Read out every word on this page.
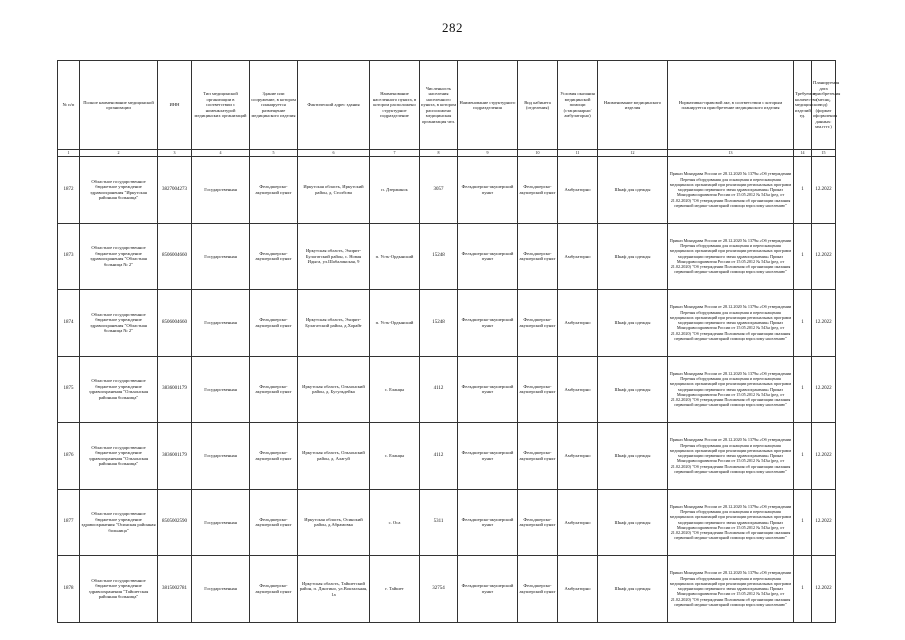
282
№ п/п	Полное наименование медицинской организации	ИНН	Тип медицинской организации в соответствии с номенклатурой медицинских организаций	Здание или сооружение, в котором планируется размещение медицинского изделия	Фактический адрес здания	Наименование населенного пункта, в котором расположено структурное подразделение	Численность населения населенного пункта, в котором расположено медицинская организация чел.	Наименование структурного подразделения	Вид кабинета (отделения)	Условия оказания медицинской помощи (стационарно/амбулаторно)	Наименование медицинского изделия	Нормативно-правовой акт, в соответствии с которым планируется приобретение медицинского изделия	Требуемое количество медицинских изделий, ед.	Планируемая дата приобретения (месяц, год) (формат оформления данных: мм.гггг.)
1	2	3	4	5	6	7	8	9	10	11	12	13	14	15
1872	Областное государственное бюджетное учреждение здравоохранения "Иркутская районная больница"	3827004273	Государственная	Фельдшерско-акушерский пункт	Иркутская область, Иркутский район, д. Столбова	п. Дзержинск	3057	Фельдшерско-акушерский пункт	Фельдшерско-акушерский пункт	Амбулаторно	Шкаф для одежды	Приказ Минздрава России от 28.12.2020 № 1379н «Об утверждении Перечня оборудования для оснащения и переоснащения медицинских организаций при реализации региональных программ модернизации первичного звена здравоохранения» Приказ Минздравсоцразвития России от 15.05.2012 № 543н (ред. от 21.02.2020) "Об утверждении Положения об организации оказания первичной медико-санитарной помощи взрослому населению"	1	12.2022
1873	Областное государственное бюджетное учреждение здравоохранения "Областная больница № 2"	8506004660	Государственная	Фельдшерско-акушерский пункт	Иркутская область, Эхирит-Булагатский район, с. Новая Идыга, ул.Шабалинская, 9	п. Усть-Ордынский	15248	Фельдшерско-акушерский пункт	Фельдшерско-акушерский пункт	Амбулаторно	Шкаф для одежды	Приказ Минздрава России от 28.12.2020 № 1379н «Об утверждении Перечня оборудования для оснащения и переоснащения медицинских организаций при реализации региональных программ модернизации первичного звена здравоохранения» Приказ Минздравсоцразвития России от 15.05.2012 № 543н (ред. от 21.02.2020) "Об утверждении Положения об организации оказания первичной медико-санитарной помощи взрослому населению"	1	12.2022
1874	Областное государственное бюджетное учреждение здравоохранения "Областная больница № 2"	8506004660	Государственная	Фельдшерско-акушерский пункт	Иркутская область, Эхирит-Булагатский район, д.Хорайт	п. Усть-Ордынский	15248	Фельдшерско-акушерский пункт	Фельдшерско-акушерский пункт	Амбулаторно	Шкаф для одежды	Приказ Минздрава России от 28.12.2020 № 1379н «Об утверждении Перечня оборудования для оснащения и переоснащения медицинских организаций при реализации региональных программ модернизации первичного звена здравоохранения» Приказ Минздравсоцразвития России от 15.05.2012 № 543н (ред. от 21.02.2020) "Об утверждении Положения об организации оказания первичной медико-санитарной помощи взрослому населению"	1	12.2022
1875	Областное государственное бюджетное учреждение здравоохранения "Ольхонская районная больница"	3836001179	Государственная	Фельдшерско-акушерский пункт	Иркутская область, Ольхонский район, д. Бугульдейка	с. Еланцы	4112	Фельдшерско-акушерский пункт	Фельдшерско-акушерский пункт	Амбулаторно	Шкаф для одежды	Приказ Минздрава России от 28.12.2020 № 1379н «Об утверждении Перечня оборудования для оснащения и переоснащения медицинских организаций при реализации региональных программ модернизации первичного звена здравоохранения» Приказ Минздравсоцразвития России от 15.05.2012 № 543н (ред. от 21.02.2020) "Об утверждении Положения об организации оказания первичной медико-санитарной помощи взрослому населению"	1	12.2022
1876	Областное государственное бюджетное учреждение здравоохранения "Ольхонская районная больница"	3836001179	Государственная	Фельдшерско-акушерский пункт	Иркутская область, Ольхонский район, д. Алагуй	с. Еланцы	4112	Фельдшерско-акушерский пункт	Фельдшерско-акушерский пункт	Амбулаторно	Шкаф для одежды	Приказ Минздрава России от 28.12.2020 № 1379н «Об утверждении Перечня оборудования для оснащения и переоснащения медицинских организаций при реализации региональных программ модернизации первичного звена здравоохранения» Приказ Минздравсоцразвития России от 15.05.2012 № 543н (ред. от 21.02.2020) "Об утверждении Положения об организации оказания первичной медико-санитарной помощи взрослому населению"	1	12.2022
1877	Областное государственное бюджетное учреждение здравоохранения "Осинская районная больница"	8505002590	Государственная	Фельдшерско-акушерский пункт	Иркутская область, Осинский район, д.Абрамовка	с. Оса	5311	Фельдшерско-акушерский пункт	Фельдшерско-акушерский пункт	Амбулаторно	Шкаф для одежды	Приказ Минздрава России от 28.12.2020 № 1379н «Об утверждении Перечня оборудования для оснащения и переоснащения медицинских организаций при реализации региональных программ модернизации первичного звена здравоохранения» Приказ Минздравсоцразвития России от 15.05.2012 № 543н (ред. от 21.02.2020) "Об утверждении Положения об организации оказания первичной медико-санитарной помощи взрослому населению"	1	12.2022
1878	Областное государственное бюджетное учреждение здравоохранения "Тайшетская районная больница"	3815002781	Государственная	Фельдшерско-акушерский пункт	Иркутская область, Тайшетский район, п. Джогино, ул.Вокзальная, 1а	г. Тайшет	32754	Фельдшерско-акушерский пункт	Фельдшерско-акушерский пункт	Амбулаторно	Шкаф для одежды	Приказ Минздрава России от 28.12.2020 № 1379н «Об утверждении Перечня оборудования для оснащения и переоснащения медицинских организаций при реализации региональных программ модернизации первичного звена здравоохранения» Приказ Минздравсоцразвития России от 15.05.2012 № 543н (ред. от 21.02.2020) "Об утверждении Положения об организации оказания первичной медико-санитарной помощи взрослому населению"	1	12.2022
